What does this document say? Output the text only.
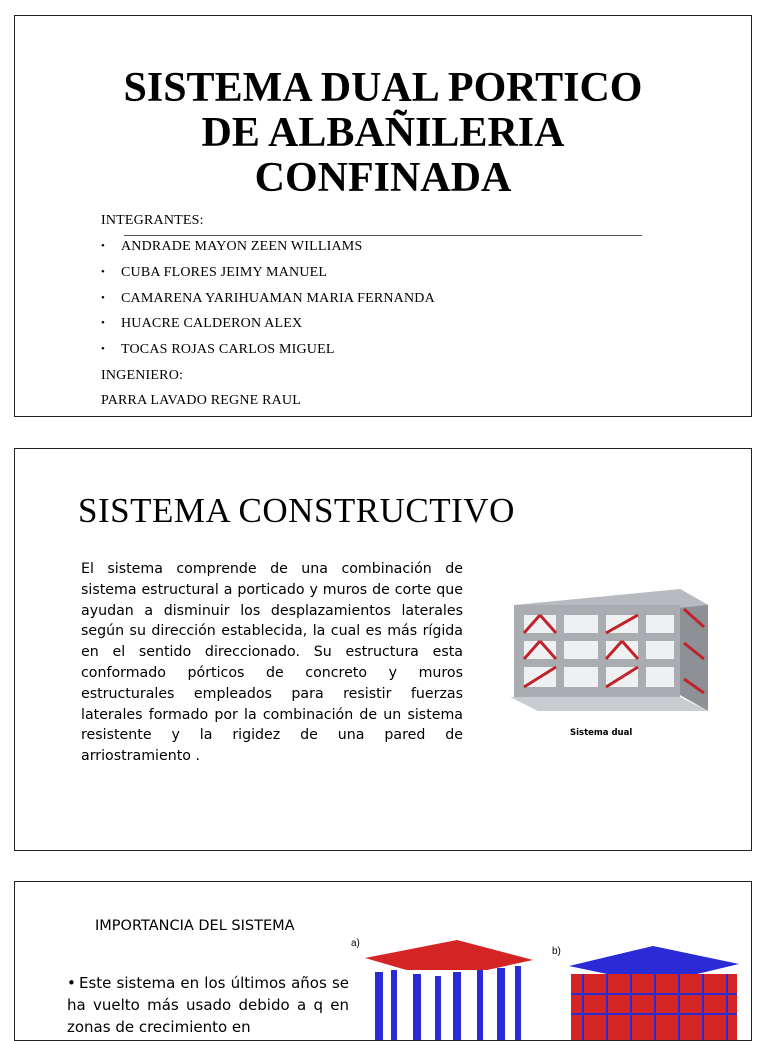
SISTEMA DUAL PORTICO
DE ALBAÑILERIA
CONFINADA
INTEGRANTES:
• ANDRADE MAYON ZEEN WILLIAMS
• CUBA FLORES JEIMY MANUEL
• CAMARENA YARIHUAMAN MARIA FERNANDA
• HUACRE CALDERON ALEX
• TOCAS ROJAS CARLOS MIGUEL
INGENIERO:
PARRA LAVADO REGNE RAUL
SISTEMA CONSTRUCTIVO
El sistema comprende de una combinación de sistema estructural a porticado y muros de corte que ayudan a disminuir los desplazamientos laterales según su dirección establecida, la cual es más rígida en el sentido direccionado. Su estructura esta conformado pórticos de concreto y muros estructurales empleados para resistir fuerzas laterales formado por la combinación de un sistema resistente y la rigidez de una pared de arriostramiento .
Sistema dual
IMPORTANCIA DEL SISTEMA
• Este sistema en los últimos años se ha vuelto más usado debido a q en zonas de crecimiento en
a)
b)
